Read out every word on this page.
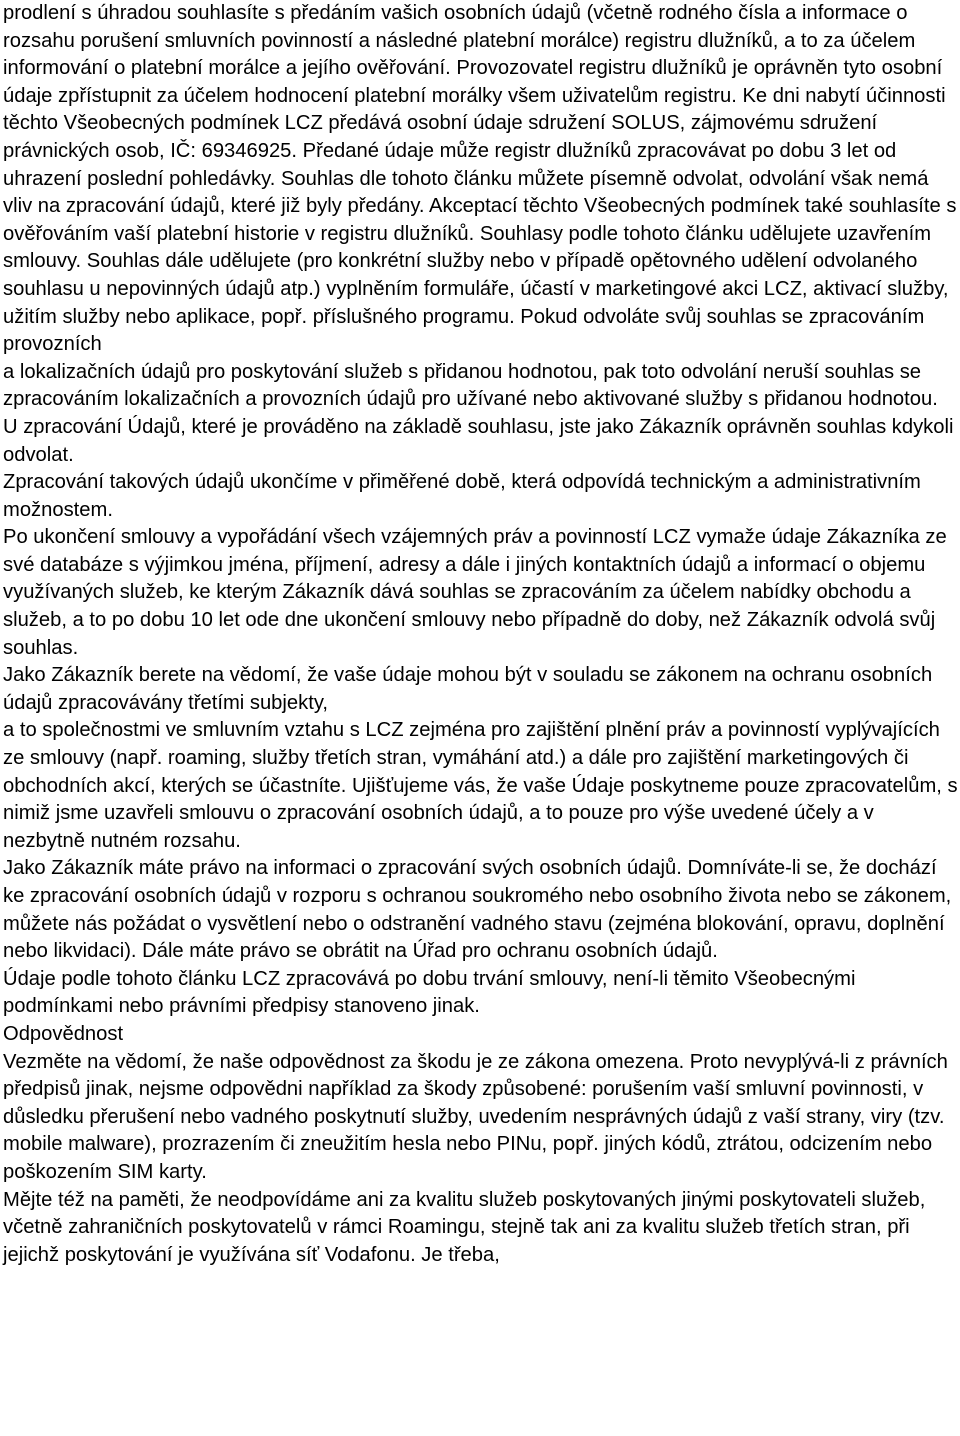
prodlení s úhradou souhlasíte s předáním vašich osobních údajů (včetně rodného čísla a informace o rozsahu porušení smluvních povinností a následné platební morálce) registru dlužníků, a to za účelem informování o platební morálce a jejího ověřování. Provozovatel registru dlužníků je oprávněn tyto osobní údaje zpřístupnit za účelem hodnocení platební morálky všem uživatelům registru. Ke dni nabytí účinnosti těchto Všeobecných podmínek LCZ předává osobní údaje sdružení SOLUS, zájmovému sdružení právnických osob, IČ: 69346925. Předané údaje může registr dlužníků zpracovávat po dobu 3 let od uhrazení poslední pohledávky. Souhlas dle tohoto článku můžete písemně odvolat, odvolání však nemá vliv na zpracování údajů, které již byly předány. Akceptací těchto Všeobecných podmínek také souhlasíte s ověřováním vaší platební historie v registru dlužníků. Souhlasy podle tohoto článku udělujete uzavřením smlouvy. Souhlas dále udělujete (pro konkrétní služby nebo v případě opětovného udělení odvolaného souhlasu u nepovinných údajů atp.) vyplněním formuláře, účastí v marketingové akci LCZ, aktivací služby, užitím služby nebo aplikace, popř. příslušného programu. Pokud odvoláte svůj souhlas se zpracováním provozních

a lokalizačních údajů pro poskytování služeb s přidanou hodnotou, pak toto odvolání neruší souhlas se zpracováním lokalizačních a provozních údajů pro užívané nebo aktivované služby s přidanou hodnotou.

U zpracování Údajů, které je prováděno na základě souhlasu, jste jako Zákazník oprávněn souhlas kdykoli odvolat.

Zpracování takových údajů ukončíme v přiměřené době, která odpovídá technickým a administrativním možnostem.

Po ukončení smlouvy a vypořádání všech vzájemných práv a povinností LCZ vymaže údaje Zákazníka ze své databáze s výjimkou jména, příjmení, adresy a dále i jiných kontaktních údajů a informací o objemu využívaných služeb, ke kterým Zákazník dává souhlas se zpracováním za účelem nabídky obchodu a služeb, a to po dobu 10 let ode dne ukončení smlouvy nebo případně do doby, než Zákazník odvolá svůj souhlas.

Jako Zákazník berete na vědomí, že vaše údaje mohou být v souladu se zákonem na ochranu osobních údajů zpracovávány třetími subjekty,

a to společnostmi ve smluvním vztahu s LCZ zejména pro zajištění plnění práv a povinností vyplývajících ze smlouvy (např. roaming, služby třetích stran, vymáhání atd.) a dále pro zajištění marketingových či obchodních akcí, kterých se účastníte. Ujišťujeme vás, že vaše Údaje poskytneme pouze zpracovatelům, s nimiž jsme uzavřeli smlouvu o zpracování osobních údajů, a to pouze pro výše uvedené účely a v nezbytně nutném rozsahu.

Jako Zákazník máte právo na informaci o zpracování svých osobních údajů. Domníváte-li se, že dochází ke zpracování osobních údajů v rozporu s ochranou soukromého nebo osobního života nebo se zákonem, můžete nás požádat o vysvětlení nebo o odstranění vadného stavu (zejména blokování, opravu, doplnění nebo likvidaci). Dále máte právo se obrátit na Úřad pro ochranu osobních údajů.

Údaje podle tohoto článku LCZ zpracovává po dobu trvání smlouvy, není-li těmito Všeobecnými podmínkami nebo právními předpisy stanoveno jinak.

Odpovědnost

Vezměte na vědomí, že naše odpovědnost za škodu je ze zákona omezena. Proto nevyplývá-li z právních předpisů jinak, nejsme odpovědni například za škody způsobené: porušením vaší smluvní povinnosti, v důsledku přerušení nebo vadného poskytnutí služby, uvedením nesprávných údajů z vaší strany, viry (tzv. mobile malware), prozrazením či zneužitím hesla nebo PINu, popř. jiných kódů, ztrátou, odcizením nebo poškozením SIM karty.

Mějte též na paměti, že neodpovídáme ani za kvalitu služeb poskytovaných jinými poskytovateli služeb, včetně zahraničních poskytovatelů v rámci Roamingu, stejně tak ani za kvalitu služeb třetích stran, při jejichž poskytování je využívána síť Vodafonu. Je třeba,
